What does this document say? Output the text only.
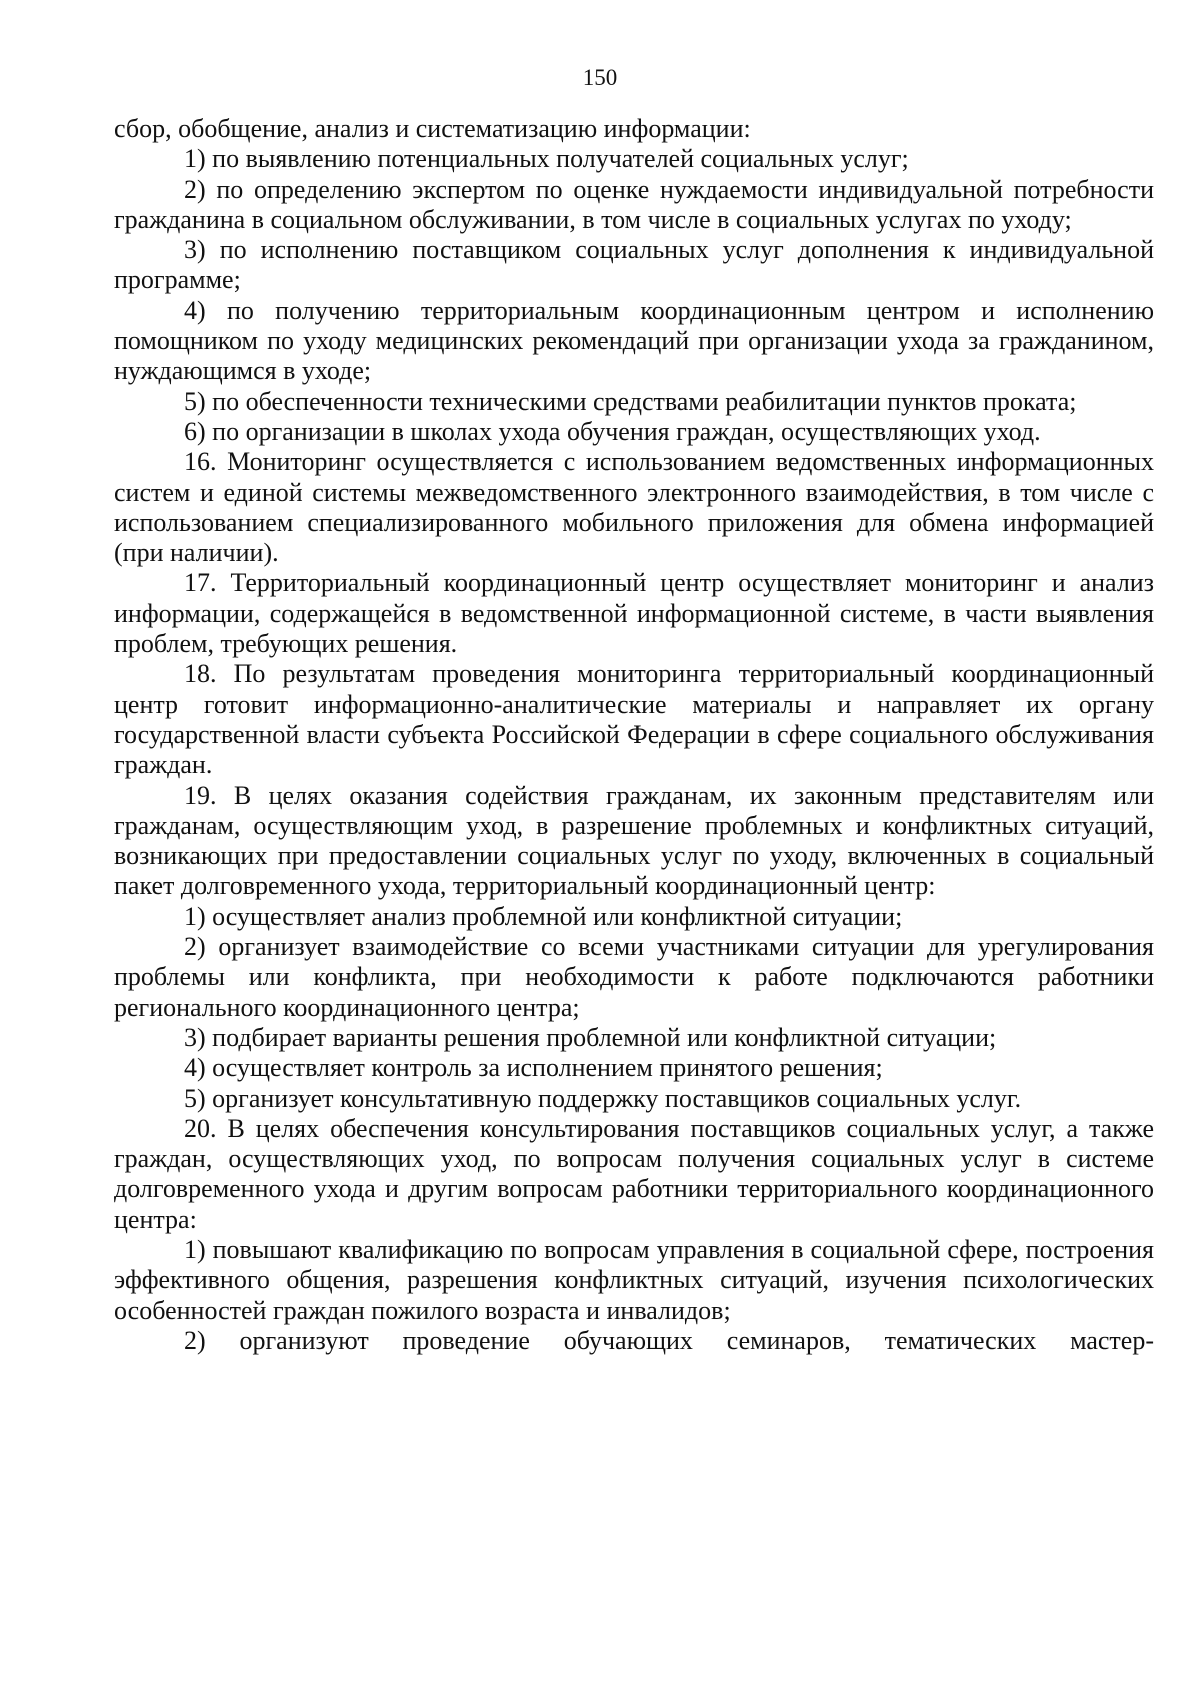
150

сбор, обобщение, анализ и систематизацию информации:

1) по выявлению потенциальных получателей социальных услуг;

2) по определению экспертом по оценке нуждаемости индивидуальной потребности гражданина в социальном обслуживании, в том числе в социальных услугах по уходу;

3) по исполнению поставщиком социальных услуг дополнения к индивидуальной программе;

4) по получению территориальным координационным центром и исполнению помощником по уходу медицинских рекомендаций при организации ухода за гражданином, нуждающимся в уходе;

5) по обеспеченности техническими средствами реабилитации пунктов проката;

6) по организации в школах ухода обучения граждан, осуществляющих уход.

16. Мониторинг осуществляется с использованием ведомственных информационных систем и единой системы межведомственного электронного взаимодействия, в том числе с использованием специализированного мобильного приложения для обмена информацией (при наличии).

17. Территориальный координационный центр осуществляет мониторинг и анализ информации, содержащейся в ведомственной информационной системе, в части выявления проблем, требующих решения.

18. По результатам проведения мониторинга территориальный координационный центр готовит информационно-аналитические материалы и направляет их органу государственной власти субъекта Российской Федерации в сфере социального обслуживания граждан.

19. В целях оказания содействия гражданам, их законным представителям или гражданам, осуществляющим уход, в разрешение проблемных и конфликтных ситуаций, возникающих при предоставлении социальных услуг по уходу, включенных в социальный пакет долговременного ухода, территориальный координационный центр:

1) осуществляет анализ проблемной или конфликтной ситуации;

2) организует взаимодействие со всеми участниками ситуации для урегулирования проблемы или конфликта, при необходимости к работе подключаются работники регионального координационного центра;

3) подбирает варианты решения проблемной или конфликтной ситуации;

4) осуществляет контроль за исполнением принятого решения;

5) организует консультативную поддержку поставщиков социальных услуг.

20. В целях обеспечения консультирования поставщиков социальных услуг, а также граждан, осуществляющих уход, по вопросам получения социальных услуг в системе долговременного ухода и другим вопросам работники территориального координационного центра:

1) повышают квалификацию по вопросам управления в социальной сфере, построения эффективного общения, разрешения конфликтных ситуаций, изучения психологических особенностей граждан пожилого возраста и инвалидов;

2) организуют проведение обучающих семинаров, тематических мастер-
